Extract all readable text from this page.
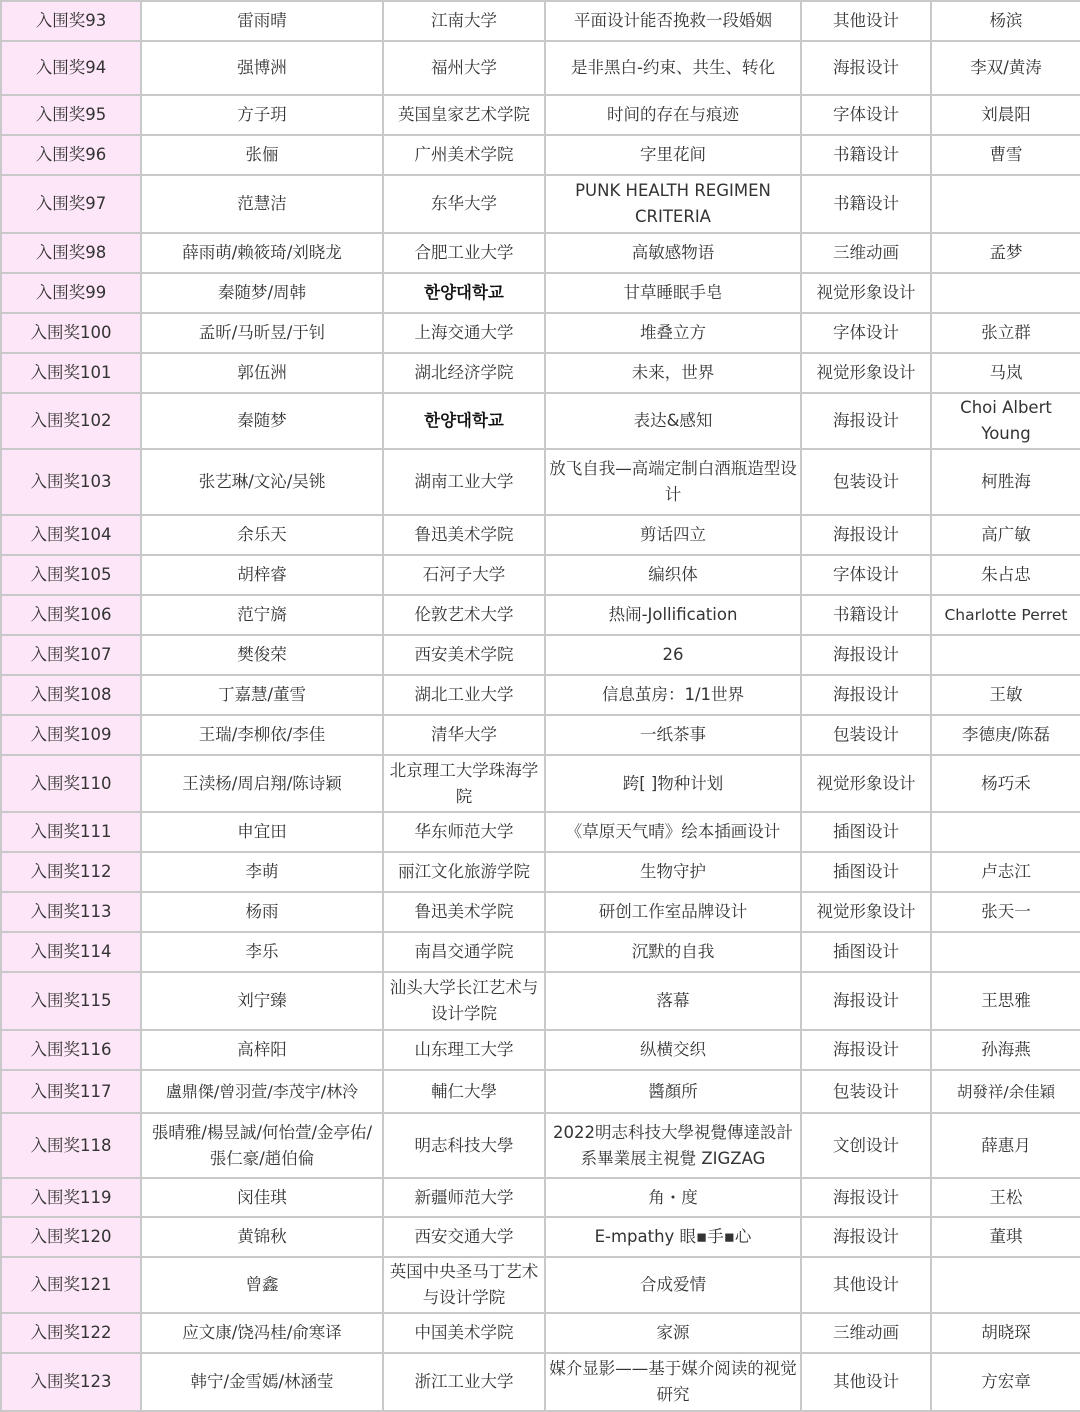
入围奖93	雷雨晴	江南大学	平面设计能否挽救一段婚姻	其他设计	杨滨
入围奖94	强博洲	福州大学	是非黑白-约束、共生、转化	海报设计	李双/黄涛
入围奖95	方子玥	英国皇家艺术学院	时间的存在与痕迹	字体设计	刘晨阳
入围奖96	张俪	广州美术学院	字里花间	书籍设计	曹雪
入围奖97	范慧洁	东华大学	PUNK HEALTH REGIMEN CRITERIA	书籍设计	
入围奖98	薛雨萌/赖筱琦/刘晓龙	合肥工业大学	高敏感物语	三维动画	孟梦
入围奖99	秦随梦/周韩	한양대학교	甘草睡眠手皂	视觉形象设计	
入围奖100	孟昕/马昕昱/于钊	上海交通大学	堆叠立方	字体设计	张立群
入围奖101	郭伍洲	湖北经济学院	未来，世界	视觉形象设计	马岚
入围奖102	秦随梦	한양대학교	表达&感知	海报设计	Choi Albert Young
入围奖103	张艺琳/文沁/吴铫	湖南工业大学	放飞自我—高端定制白酒瓶造型设计	包装设计	柯胜海
入围奖104	余乐天	鲁迅美术学院	剪话四立	海报设计	高广敏
入围奖105	胡梓睿	石河子大学	编织体	字体设计	朱占忠
入围奖106	范宁旖	伦敦艺术大学	热闹-Jollification	书籍设计	Charlotte Perret
入围奖107	樊俊荣	西安美术学院	26	海报设计	
入围奖108	丁嘉慧/董雪	湖北工业大学	信息茧房：1/1世界	海报设计	王敏
入围奖109	王瑞/李柳依/李佳	清华大学	一纸茶事	包装设计	李德庚/陈磊
入围奖110	王渎杨/周启翔/陈诗颖	北京理工大学珠海学院	跨[ ]物种计划	视觉形象设计	杨巧禾
入围奖111	申宜田	华东师范大学	《草原天气晴》绘本插画设计	插图设计	
入围奖112	李萌	丽江文化旅游学院	生物守护	插图设计	卢志江
入围奖113	杨雨	鲁迅美术学院	研创工作室品牌设计	视觉形象设计	张天一
入围奖114	李乐	南昌交通学院	沉默的自我	插图设计	
入围奖115	刘宁臻	汕头大学长江艺术与设计学院	落幕	海报设计	王思雅
入围奖116	高梓阳	山东理工大学	纵横交织	海报设计	孙海燕
入围奖117	盧鼎傑/曾羽萱/李茂宇/林泠	輔仁大學	醬顏所	包装设计	胡發祥/余佳穎
入围奖118	張晴雅/楊昱誠/何怡萱/金亭佑/張仁豪/趙伯倫	明志科技大學	2022明志科技大學視覺傳達設計系畢業展主視覺 ZIGZAG	文创设计	薛惠月
入围奖119	闵佳琪	新疆师范大学	角・度	海报设计	王松
入围奖120	黄锦秋	西安交通大学	E-mpathy 眼▪手▪心	海报设计	董琪
入围奖121	曾鑫	英国中央圣马丁艺术与设计学院	合成爱情	其他设计	
入围奖122	应文康/饶冯桂/俞寒译	中国美术学院	家源	三维动画	胡晓琛
入围奖123	韩宁/金雪嫣/林涵莹	浙江工业大学	媒介显影——基于媒介阅读的视觉研究	其他设计	方宏章
